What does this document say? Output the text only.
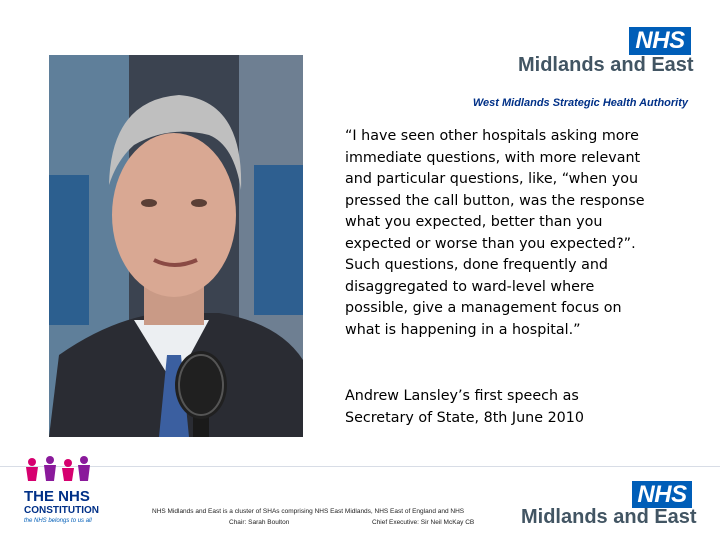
NHS
Midlands and East
West Midlands Strategic Health Authority

“I have seen other hospitals asking more immediate questions, with more relevant and particular questions, like, “when you pressed the call button, was the response what you expected, better than you expected or worse than you expected?”. Such questions, done frequently and disaggregated to ward-level where possible, give a management focus on what is happening in a hospital.”

Andrew Lansley’s first speech as Secretary of State, 8th June 2010

THE NHS
CONSTITUTION
the NHS belongs to us all
NHS Midlands and East is a cluster of SHAs comprising NHS East Midlands, NHS East of England and NHS
Chair: Sarah Boulton	Chief Executive: Sir Neil McKay CB
NHS
Midlands and East
